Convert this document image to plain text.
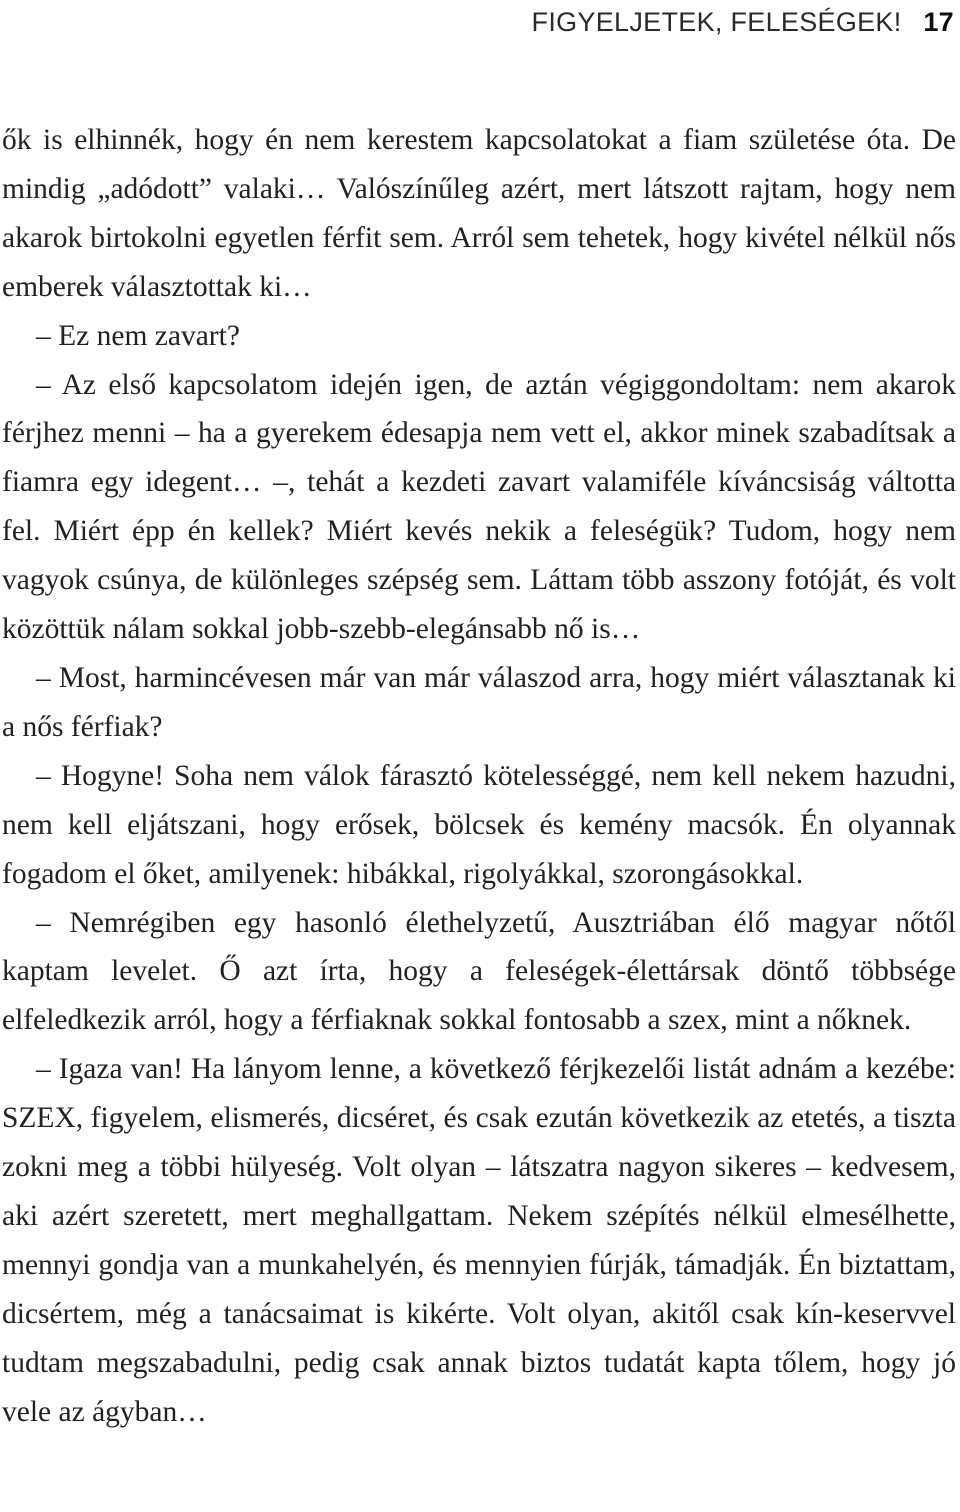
FIGYELJETEK, FELESÉGEK! 17

ők is elhinnék, hogy én nem kerestem kapcsolatokat a fiam születése óta. De mindig „adódott” valaki… Valószínűleg azért, mert látszott rajtam, hogy nem akarok birtokolni egyetlen férfit sem. Arról sem tehetek, hogy kivétel nélkül nős emberek választottak ki…

– Ez nem zavart?

– Az első kapcsolatom idején igen, de aztán végiggondoltam: nem akarok férjhez menni – ha a gyerekem édesapja nem vett el, akkor minek szabadítsak a fiamra egy idegent… –, tehát a kezdeti zavart valamiféle kíváncsiság váltotta fel. Miért épp én kellek? Miért kevés nekik a feleségük? Tudom, hogy nem vagyok csúnya, de különleges szépség sem. Láttam több asszony fotóját, és volt közöttük nálam sokkal jobb-szebb-elegánsabb nő is…

– Most, harmincévesen már van már válaszod arra, hogy miért választanak ki a nős férfiak?

– Hogyne! Soha nem válok fárasztó kötelességgé, nem kell nekem hazudni, nem kell eljátszani, hogy erősek, bölcsek és kemény macsók. Én olyannak fogadom el őket, amilyenek: hibákkal, rigolyákkal, szorongásokkal.

– Nemrégiben egy hasonló élethelyzetű, Ausztriában élő magyar nőtől kaptam levelet. Ő azt írta, hogy a feleségek-élettársak döntő többsége elfeledkezik arról, hogy a férfiaknak sokkal fontosabb a szex, mint a nőknek.

– Igaza van! Ha lányom lenne, a következő férjkezelői listát adnám a kezébe: SZEX, figyelem, elismerés, dicséret, és csak ezután következik az etetés, a tiszta zokni meg a többi hülyeség. Volt olyan – látszatra nagyon sikeres – kedvesem, aki azért szeretett, mert meghallgattam. Nekem szépítés nélkül elmesélhette, mennyi gondja van a munkahelyén, és mennyien fúrják, támadják. Én biztattam, dicsértem, még a tanácsaimat is kikérte. Volt olyan, akitől csak kín-keservvel tudtam megszabadulni, pedig csak annak biztos tudatát kapta tőlem, hogy jó vele az ágyban…
